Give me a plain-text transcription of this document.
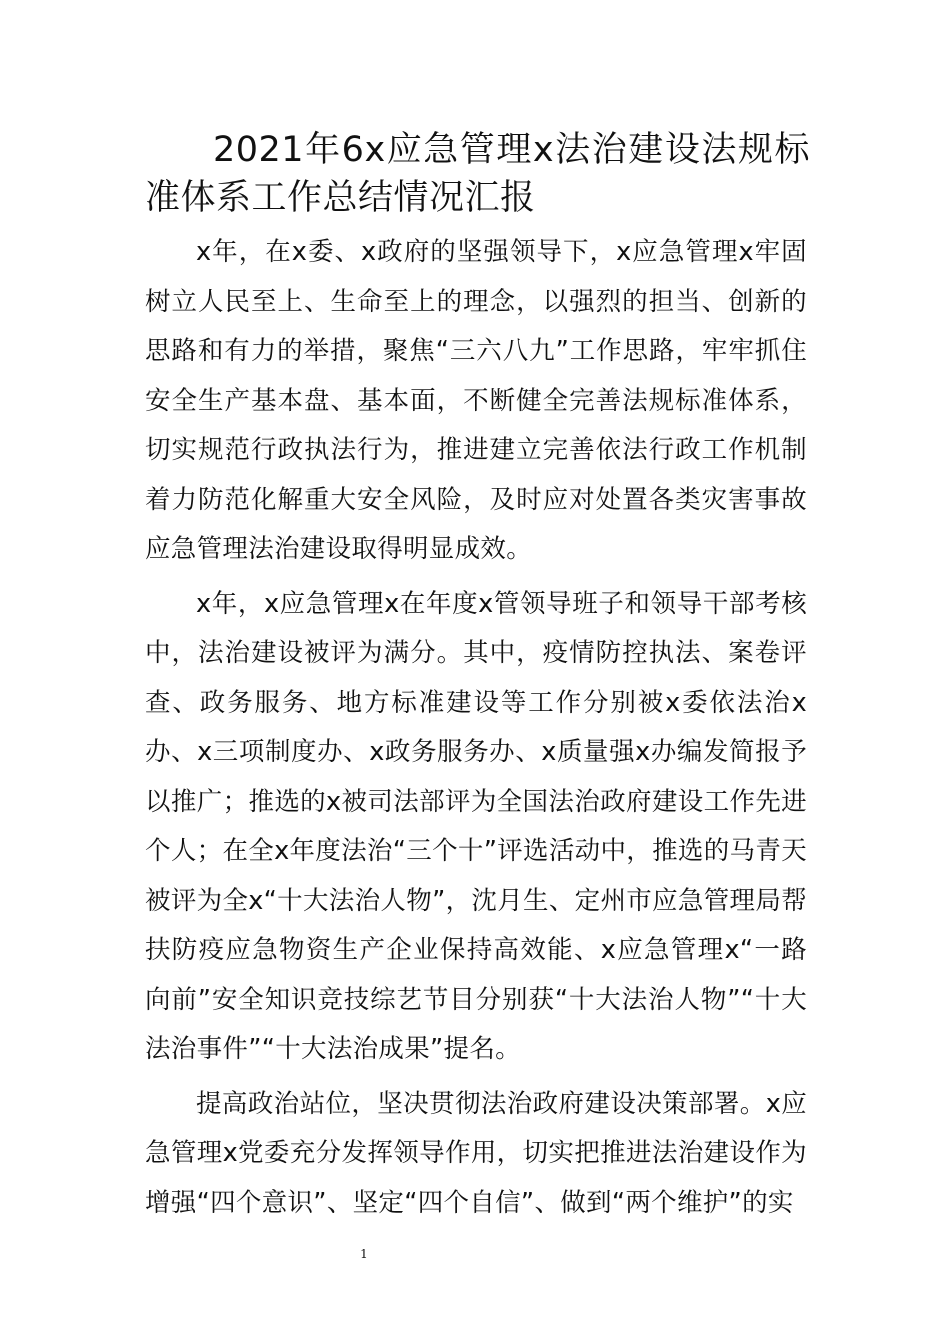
2021年6x应急管理x法治建设法规标准体系工作总结情况汇报

x年，在x委、x政府的坚强领导下，x应急管理x牢固树立人民至上、生命至上的理念，以强烈的担当、创新的思路和有力的举措，聚焦“三六八九”工作思路，牢牢抓住安全生产基本盘、基本面，不断健全完善法规标准体系，切实规范行政执法行为，推进建立完善依法行政工作机制着力防范化解重大安全风险，及时应对处置各类灾害事故应急管理法治建设取得明显成效。

x年，x应急管理x在年度x管领导班子和领导干部考核中，法治建设被评为满分。其中，疫情防控执法、案卷评查、政务服务、地方标准建设等工作分别被x委依法治x办、x三项制度办、x政务服务办、x质量强x办编发简报予以推广；推选的x被司法部评为全国法治政府建设工作先进个人；在全x年度法治“三个十”评选活动中，推选的马青天被评为全x“十大法治人物”，沈月生、定州市应急管理局帮扶防疫应急物资生产企业保持高效能、x应急管理x“一路向前”安全知识竞技综艺节目分别获“十大法治人物”“十大法治事件”“十大法治成果”提名。

提高政治站位，坚决贯彻法治政府建设决策部署。x应急管理x党委充分发挥领导作用，切实把推进法治建设作为增强“四个意识”、坚定“四个自信”、做到“两个维护”的实

1
